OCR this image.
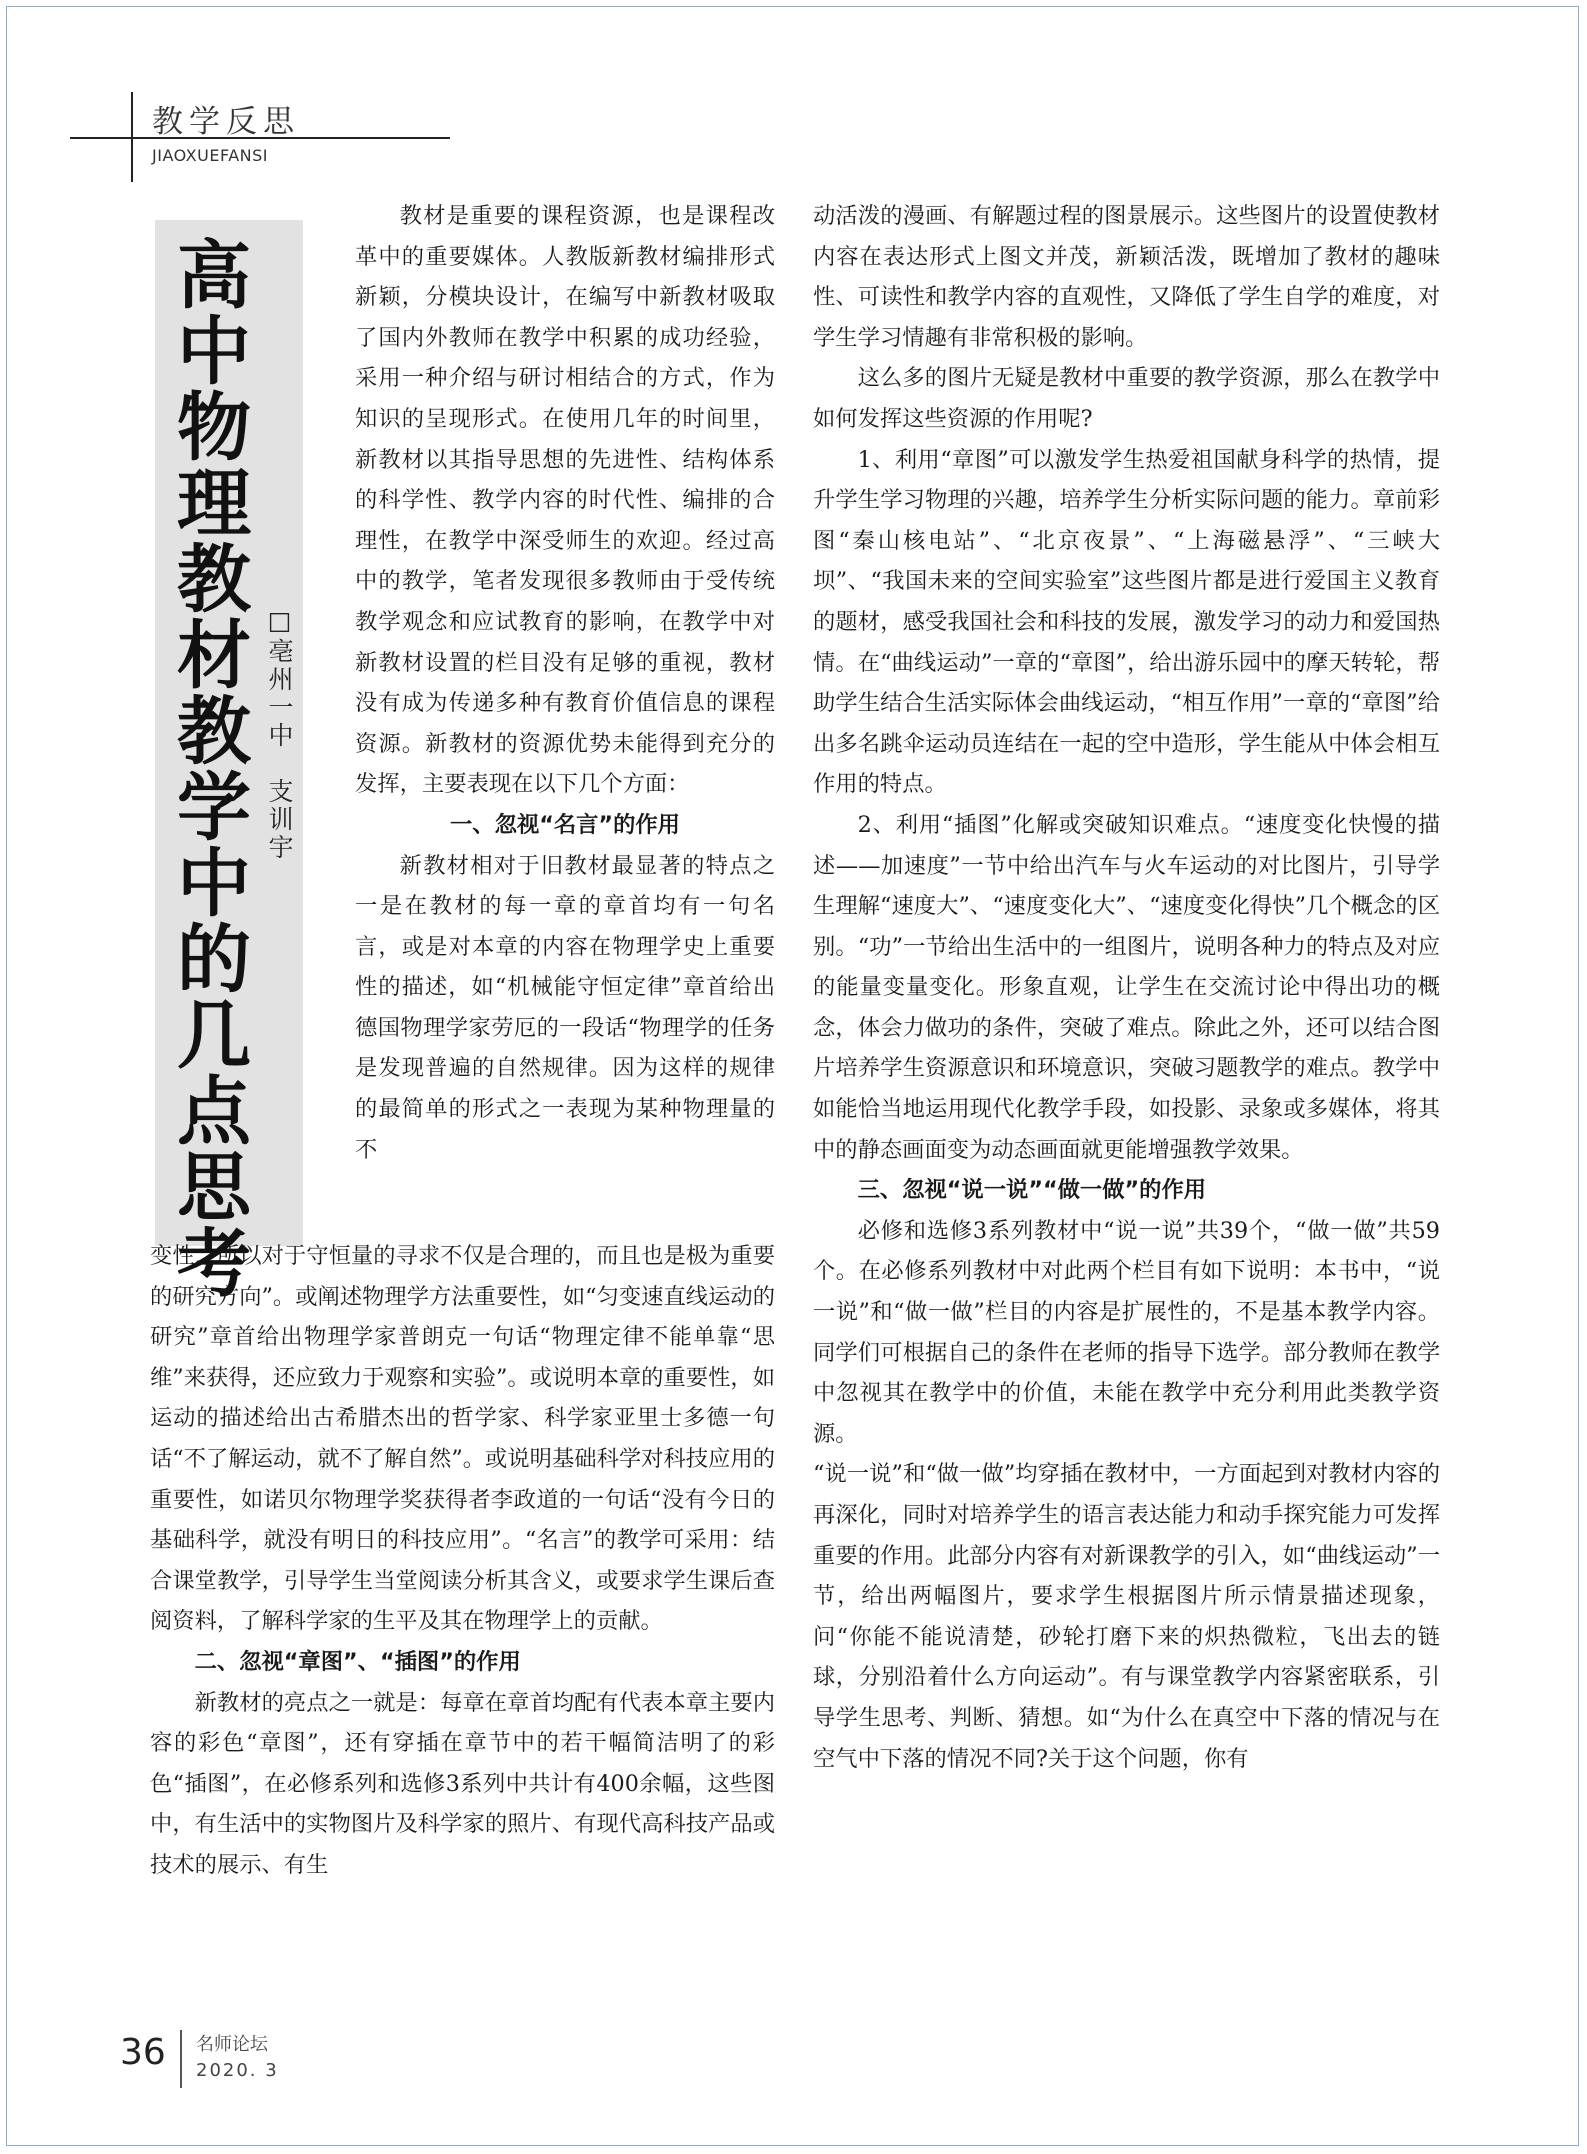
教学反思
JIAOXUEFANSI
高中物理教材教学中的几点思考 □亳州一中　支训宇

教材是重要的课程资源，也是课程改革中的重要媒体。人教版新教材编排形式新颖，分模块设计，在编写中新教材吸取了国内外教师在教学中积累的成功经验，采用一种介绍与研讨相结合的方式，作为知识的呈现形式。在使用几年的时间里，新教材以其指导思想的先进性、结构体系的科学性、教学内容的时代性、编排的合理性，在教学中深受师生的欢迎。经过高中的教学，笔者发现很多教师由于受传统教学观念和应试教育的影响，在教学中对新教材设置的栏目没有足够的重视，教材没有成为传递多种有教育价值信息的课程资源。新教材的资源优势未能得到充分的发挥，主要表现在以下几个方面：

一、忽视“名言”的作用

新教材相对于旧教材最显著的特点之一是在教材的每一章的章首均有一句名言，或是对本章的内容在物理学史上重要性的描述，如“机械能守恒定律”章首给出德国物理学家劳厄的一段话“物理学的任务是发现普遍的自然规律。因为这样的规律的最简单的形式之一表现为某种物理量的不

变性，所以对于守恒量的寻求不仅是合理的，而且也是极为重要的研究方向”。或阐述物理学方法重要性，如“匀变速直线运动的研究”章首给出物理学家普朗克一句话“物理定律不能单靠“思维”来获得，还应致力于观察和实验”。或说明本章的重要性，如运动的描述给出古希腊杰出的哲学家、科学家亚里士多德一句话“不了解运动，就不了解自然”。或说明基础科学对科技应用的重要性，如诺贝尔物理学奖获得者李政道的一句话“没有今日的基础科学，就没有明日的科技应用”。“名言”的教学可采用：结合课堂教学，引导学生当堂阅读分析其含义，或要求学生课后查阅资料，了解科学家的生平及其在物理学上的贡献。

二、忽视“章图”、“插图”的作用

新教材的亮点之一就是：每章在章首均配有代表本章主要内容的彩色“章图”，还有穿插在章节中的若干幅简洁明了的彩色“插图”，在必修系列和选修3系列中共计有400余幅，这些图中，有生活中的实物图片及科学家的照片、有现代高科技产品或技术的展示、有生

动活泼的漫画、有解题过程的图景展示。这些图片的设置使教材内容在表达形式上图文并茂，新颖活泼，既增加了教材的趣味性、可读性和教学内容的直观性，又降低了学生自学的难度，对学生学习情趣有非常积极的影响。

这么多的图片无疑是教材中重要的教学资源，那么在教学中如何发挥这些资源的作用呢?

1、利用“章图”可以激发学生热爱祖国献身科学的热情，提升学生学习物理的兴趣，培养学生分析实际问题的能力。章前彩图“秦山核电站”、“北京夜景”、“上海磁悬浮”、“三峡大坝”、“我国未来的空间实验室”这些图片都是进行爱国主义教育的题材，感受我国社会和科技的发展，激发学习的动力和爱国热情。在“曲线运动”一章的“章图”，给出游乐园中的摩天转轮，帮助学生结合生活实际体会曲线运动，“相互作用”一章的“章图”给出多名跳伞运动员连结在一起的空中造形，学生能从中体会相互作用的特点。

2、利用“插图”化解或突破知识难点。“速度变化快慢的描述——加速度”一节中给出汽车与火车运动的对比图片，引导学生理解“速度大”、“速度变化大”、“速度变化得快”几个概念的区别。“功”一节给出生活中的一组图片，说明各种力的特点及对应的能量变量变化。形象直观，让学生在交流讨论中得出功的概念，体会力做功的条件，突破了难点。除此之外，还可以结合图片培养学生资源意识和环境意识，突破习题教学的难点。教学中如能恰当地运用现代化教学手段，如投影、录象或多媒体，将其中的静态画面变为动态画面就更能增强教学效果。

三、忽视“说一说”“做一做”的作用

必修和选修3系列教材中“说一说”共39个，“做一做”共59个。在必修系列教材中对此两个栏目有如下说明：本书中，“说一说”和“做一做”栏目的内容是扩展性的，不是基本教学内容。同学们可根据自己的条件在老师的指导下选学。部分教师在教学中忽视其在教学中的价值，未能在教学中充分利用此类教学资源。

“说一说”和“做一做”均穿插在教材中，一方面起到对教材内容的再深化，同时对培养学生的语言表达能力和动手探究能力可发挥重要的作用。此部分内容有对新课教学的引入，如“曲线运动”一节，给出两幅图片，要求学生根据图片所示情景描述现象，问“你能不能说清楚，砂轮打磨下来的炽热微粒，飞出去的链球，分别沿着什么方向运动”。有与课堂教学内容紧密联系，引导学生思考、判断、猜想。如“为什么在真空中下落的情况与在空气中下落的情况不同?关于这个问题，你有

36 名师论坛
2020. 3
